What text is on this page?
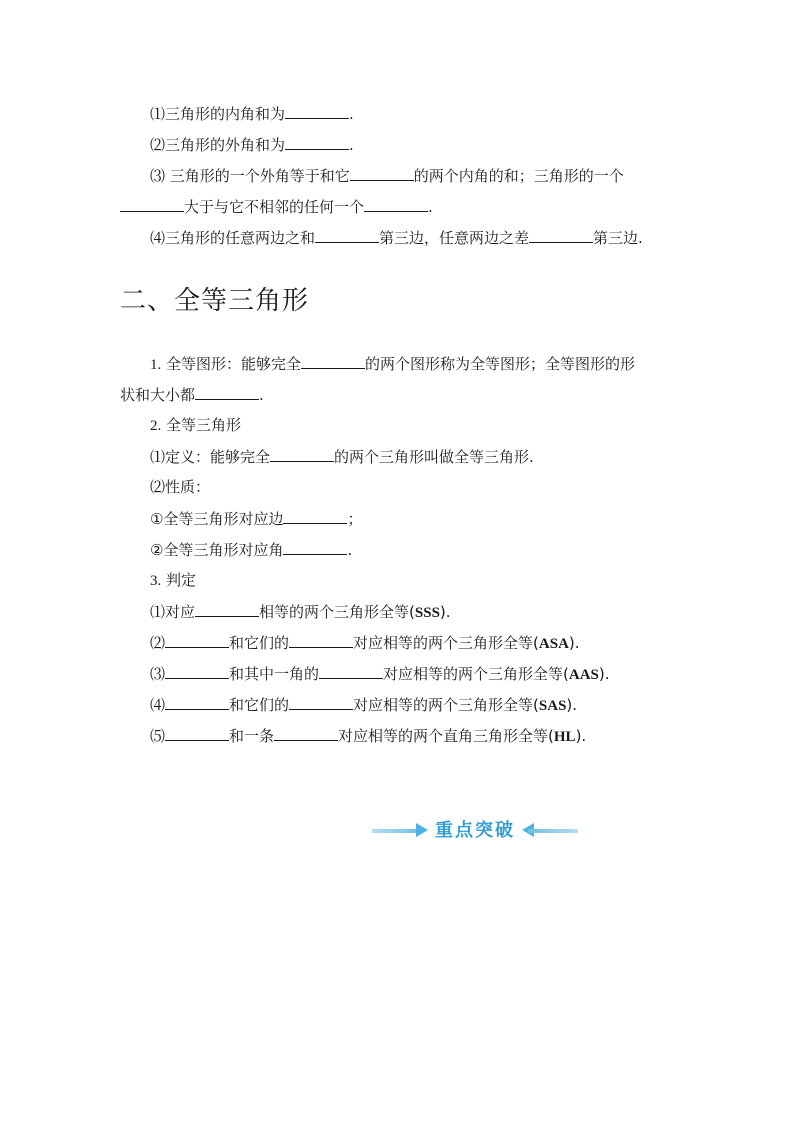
⑴三角形的内角和为	.
⑵三角形的外角和为	.
⑶ 三角形的一个外角等于和它	的两个内角的和；三角形的一个
大于与它不相邻的任何一个	.
⑷三角形的任意两边之和	第三边，任意两边之差	第三边.
二、全等三角形
1. 全等图形：能够完全	的两个图形称为全等图形；全等图形的形
状和大小都	.
2. 全等三角形
⑴定义：能够完全	的两个三角形叫做全等三角形.
⑵性质：
①全等三角形对应边	；
②全等三角形对应角	.
3. 判定
⑴对应	相等的两个三角形全等(SSS).
⑵	和它们的	对应相等的两个三角形全等(ASA).
⑶	和其中一角的	对应相等的两个三角形全等(AAS).
⑷	和它们的	对应相等的两个三角形全等(SAS).
⑸	和一条	对应相等的两个直角三角形全等(HL).
重点突破
